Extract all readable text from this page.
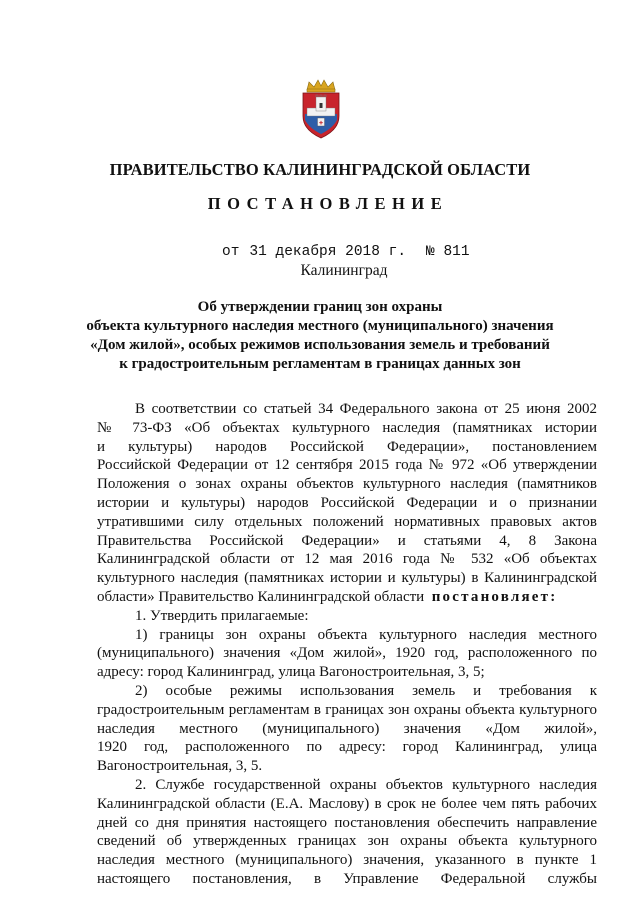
✚
ПРАВИТЕЛЬСТВО КАЛИНИНГРАДСКОЙ ОБЛАСТИ
ПОСТАНОВЛЕНИЕ
от 31 декабря 2018 г. № 811
Калининград
Об утверждении границ зон охраны
объекта культурного наследия местного (муниципального) значения
«Дом жилой», особых режимов использования земель и требований
к градостроительным регламентам в границах данных зон
В соответствии со статьей 34 Федерального закона от 25 июня 2002
№ 73-ФЗ «Об объектах культурного наследия (памятниках истории
и культуры) народов Российской Федерации», постановлением
Российской Федерации от 12 сентября 2015 года № 972 «Об утверждении
Положения о зонах охраны объектов культурного наследия (памятников
истории и культуры) народов Российской Федерации и о признании
утратившими силу отдельных положений нормативных правовых актов
Правительства Российской Федерации» и статьями 4, 8 Закона
Калининградской области от 12 мая 2016 года № 532 «Об объектах
культурного наследия (памятниках истории и культуры) в Калининградской
области» Правительство Калининградской области постановляет:
1. Утвердить прилагаемые:
1) границы зон охраны объекта культурного наследия местного
(муниципального) значения «Дом жилой», 1920 год, расположенного по
адресу: город Калининград, улица Вагоностроительная, 3, 5;
2) особые режимы использования земель и требования к
градостроительным регламентам в границах зон охраны объекта культурного
наследия местного (муниципального) значения «Дом жилой»,
1920 год, расположенного по адресу: город Калининград, улица
Вагоностроительная, 3, 5.
2. Службе государственной охраны объектов культурного наследия
Калининградской области (Е.А. Маслову) в срок не более чем пять рабочих
дней со дня принятия настоящего постановления обеспечить направление
сведений об утвержденных границах зон охраны объекта культурного
наследия местного (муниципального) значения, указанного в пункте 1
настоящего постановления, в Управление Федеральной службы
